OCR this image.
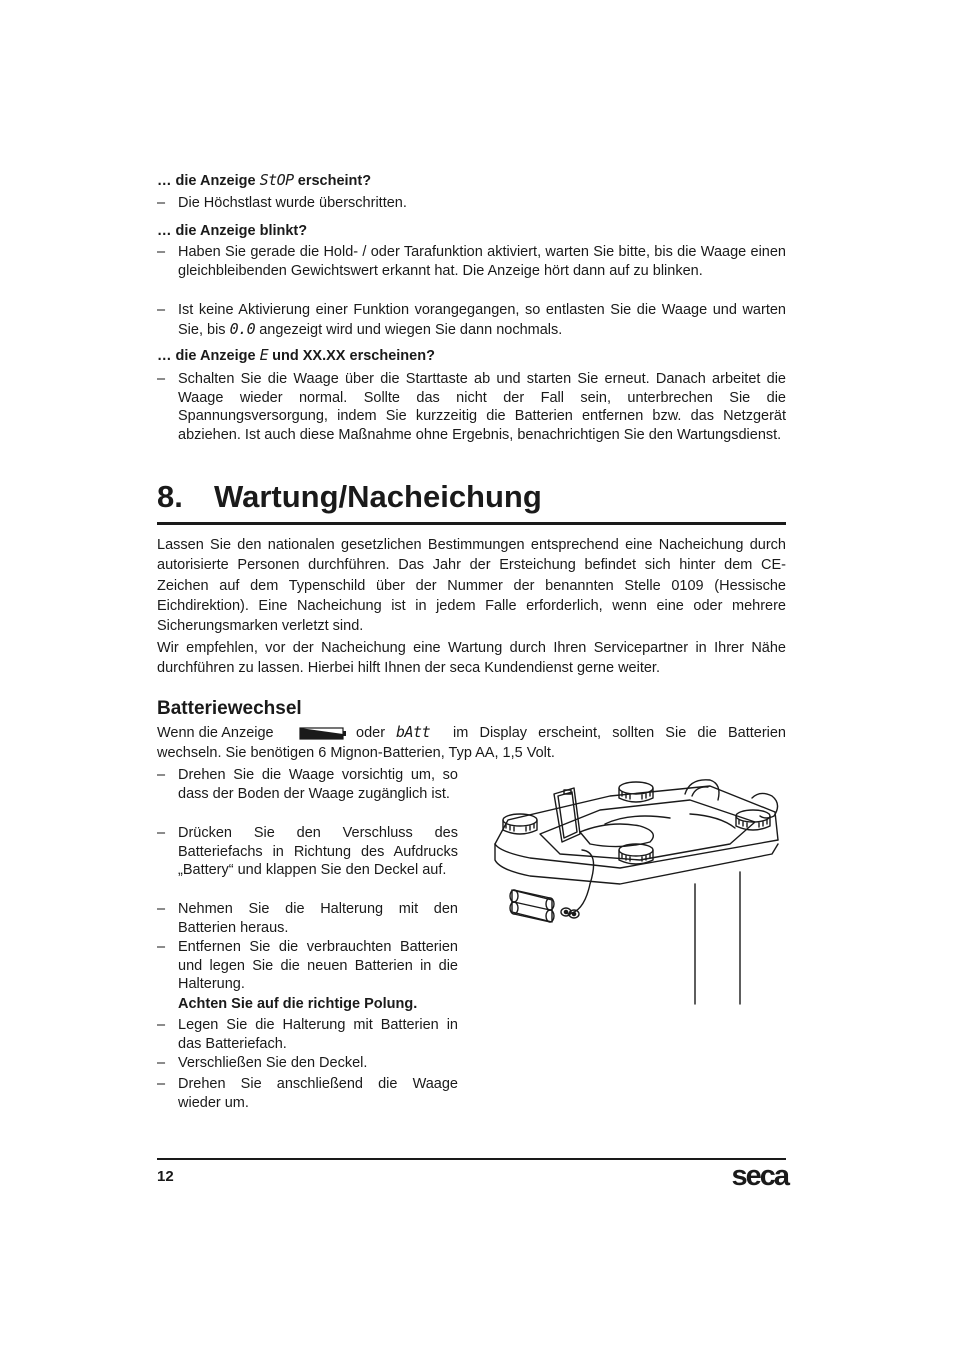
… die Anzeige StOP erscheint?
– Die Höchstlast wurde überschritten.
… die Anzeige blinkt?
– Haben Sie gerade die Hold- / oder Tarafunktion aktiviert, warten Sie bitte, bis die Waage einen gleichbleibenden Gewichtswert erkannt hat. Die Anzeige hört dann auf zu blinken.
– Ist keine Aktivierung einer Funktion vorangegangen, so entlasten Sie die Waage und warten Sie, bis 0.0 angezeigt wird und wiegen Sie dann nochmals.
… die Anzeige E und XX.XX erscheinen?
– Schalten Sie die Waage über die Starttaste ab und starten Sie erneut. Danach arbeitet die Waage wieder normal. Sollte das nicht der Fall sein, unterbrechen Sie die Spannungsversorgung, indem Sie kurzzeitig die Batterien entfernen bzw. das Netzgerät abziehen. Ist auch diese Maßnahme ohne Ergebnis, benachrichtigen Sie den Wartungsdienst.
8. Wartung/Nacheichung

Lassen Sie den nationalen gesetzlichen Bestimmungen entsprechend eine Nacheichung durch autorisierte Personen durchführen. Das Jahr der Ersteichung befindet sich hinter dem CE-Zeichen auf dem Typenschild über der Nummer der benannten Stelle 0109 (Hessische Eichdirektion). Eine Nacheichung ist in jedem Falle erforderlich, wenn eine oder mehrere Sicherungsmarken verletzt sind.

Wir empfehlen, vor der Nacheichung eine Wartung durch Ihren Servicepartner in Ihrer Nähe durchführen zu lassen. Hierbei hilft Ihnen der seca Kundendienst gerne weiter.

Batteriewechsel
Wenn die Anzeige	oder bAtt im Display erscheint, sollten Sie die Batterien
wechseln. Sie benötigen 6 Mignon-Batterien, Typ AA, 1,5 Volt.
– Drehen Sie die Waage vorsichtig um, so dass der Boden der Waage zugänglich ist.
– Drücken Sie den Verschluss des Batteriefachs in Richtung des Aufdrucks „Battery“ und klappen Sie den Deckel auf.
– Nehmen Sie die Halterung mit den Batterien heraus.
– Entfernen Sie die verbrauchten Batterien und legen Sie die neuen Batterien in die Halterung.
Achten Sie auf die richtige Polung.
– Legen Sie die Halterung mit Batterien in das Batteriefach.
– Verschließen Sie den Deckel.
– Drehen Sie anschließend die Waage wieder um.
12	seca
